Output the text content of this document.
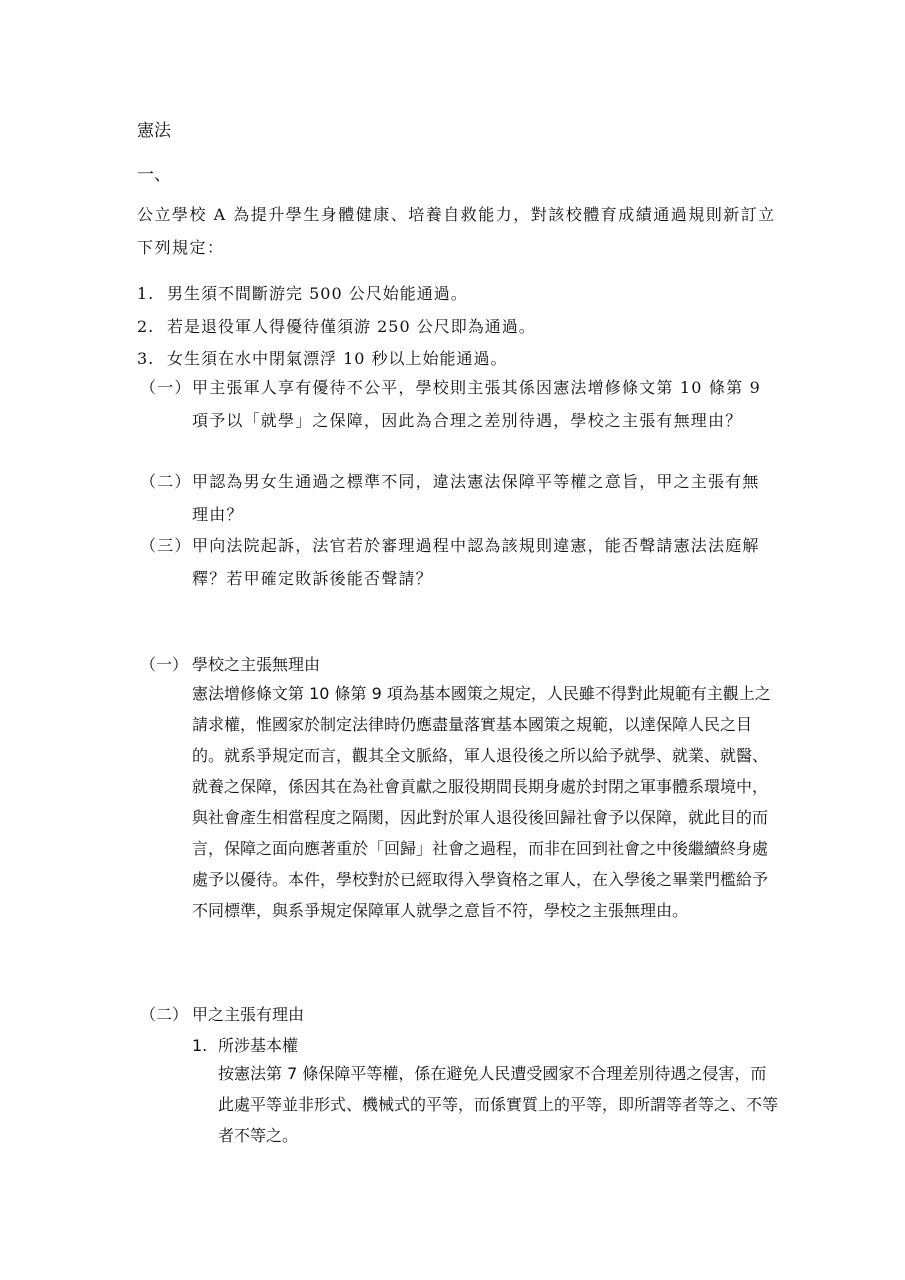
憲法
一、
公立學校 A 為提升學生身體健康、培養自救能力，對該校體育成績通過規則新訂立下列規定：
1. 男生須不間斷游完 500 公尺始能通過。
2. 若是退役軍人得優待僅須游 250 公尺即為通過。
3. 女生須在水中閉氣漂浮 10 秒以上始能通過。
（一） 甲主張軍人享有優待不公平，學校則主張其係因憲法增修條文第 10 條第 9 項予以「就學」之保障，因此為合理之差別待遇，學校之主張有無理由？
（二） 甲認為男女生通過之標準不同，違法憲法保障平等權之意旨，甲之主張有無理由？
（三） 甲向法院起訴，法官若於審理過程中認為該規則違憲，能否聲請憲法法庭解釋？若甲確定敗訴後能否聲請？
（一） 學校之主張無理由
憲法增修條文第 10 條第 9 項為基本國策之規定，人民雖不得對此規範有主觀上之請求權，惟國家於制定法律時仍應盡量落實基本國策之規範，以達保障人民之目的。就系爭規定而言，觀其全文脈絡，軍人退役後之所以給予就學、就業、就醫、就養之保障，係因其在為社會貢獻之服役期間長期身處於封閉之軍事體系環境中，與社會產生相當程度之隔閡，因此對於軍人退役後回歸社會予以保障，就此目的而言，保障之面向應著重於「回歸」社會之過程，而非在回到社會之中後繼續終身處處予以優待。本件，學校對於已經取得入學資格之軍人，在入學後之畢業門檻給予不同標準，與系爭規定保障軍人就學之意旨不符，學校之主張無理由。
（二） 甲之主張有理由
1. 所涉基本權
按憲法第 7 條保障平等權，係在避免人民遭受國家不合理差別待遇之侵害，而此處平等並非形式、機械式的平等，而係實質上的平等，即所謂等者等之、不等者不等之。
